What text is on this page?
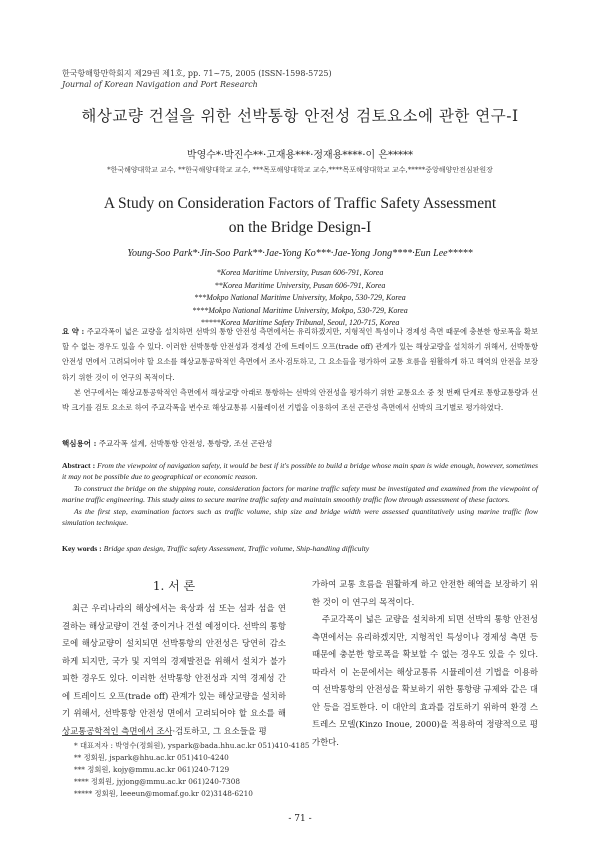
한국항해항만학회지 제29권 제1호, pp. 71~75, 2005 (ISSN-1598-5725)
Journal of Korean Navigation and Port Research
해상교량 건설을 위한 선박통항 안전성 검토요소에 관한 연구-I
박영수*·박진수**·고재용***·정재용****·이 은*****
*한국해양대학교 교수, **한국해양대학교 교수, ***목포해양대학교 교수,****목포해양대학교 교수,*****중앙해양안전심판원장
A Study on Consideration Factors of Traffic Safety Assessment
on the Bridge Design-I
Young-Soo Park*·Jin-Soo Park**·Jae-Yong Ko***·Jae-Yong Jong****·Eun Lee*****
*Korea Maritime University, Pusan 606-791, Korea
**Korea Maritime University, Pusan 606-791, Korea
***Mokpo National Maritime University, Mokpo, 530-729, Korea
****Mokpo National Maritime University, Mokpo, 530-729, Korea
*****Korea Maritime Safety Tribunal, Seoul, 120-715, Korea

요 약 : 주교각폭이 넓은 교량을 설치하면 선박의 통항 안전성 측면에서는 유리하겠지만, 지형적인 특성이나 경제성 측면 때문에 충분한 항로폭을 확보할 수 없는 경우도 있을 수 있다. 이러한 선박통항 안전성과 경제성 간에 트레이드 오프(trade off) 관계가 있는 해상교량을 설치하기 위해서, 선박통항 안전성 면에서 고려되어야 할 요소를 해상교통공학적인 측면에서 조사·검토하고, 그 요소들을 평가하여 교통 흐름을 원활하게 하고 해역의 안전을 보장하기 위한 것이 이 연구의 목적이다.

본 연구에서는 해상교통공학적인 측면에서 해상교량 아래로 통항하는 선박의 안전성을 평가하기 위한 교통요소 중 첫 번째 단계로 통항교통량과 선박 크기를 검토 요소로 하여 주교각폭을 변수로 해상교통류 시뮬레이션 기법을 이용하여 조선 곤란성 측면에서 선박의 크기별로 평가하였다.

핵심용어 : 주교각폭 설계, 선박통항 안전성, 통항량, 조선 곤란성

Abstract : From the viewpoint of navigation safety, it would be best if it's possible to build a bridge whose main span is wide enough, however, sometimes it may not be possible due to geographical or economic reason.

To construct the bridge on the shipping route, consideration factors for marine traffic safety must be investigated and examined from the viewpoint of marine traffic engineering. This study aims to secure marine traffic safety and maintain smoothly traffic flow through assessment of these factors.

As the first step, examination factors such as traffic volume, ship size and bridge width were assessed quantitatively using marine traffic flow simulation technique.

Key words : Bridge span design, Traffic safety Assessment, Traffic volume, Ship-handling difficulty
1. 서 론

최근 우리나라의 해상에서는 육상과 섬 또는 섬과 섬을 연결하는 해상교량이 건설 중이거나 건설 예정이다. 선박의 통항로에 해상교량이 설치되면 선박통항의 안전성은 당연히 감소하게 되지만, 국가 및 지역의 경제발전을 위해서 설치가 불가피한 경우도 있다. 이러한 선박통항 안전성과 지역 경제성 간에 트레이드 오프(trade off) 관계가 있는 해상교량을 설치하기 위해서, 선박통항 안전성 면에서 고려되어야 할 요소를 해상교통공학적인 측면에서 조사·검토하고, 그 요소들을 평

가하여 교통 흐름을 원활하게 하고 안전한 해역을 보장하기 위한 것이 이 연구의 목적이다.

주교각폭이 넓은 교량을 설치하게 되면 선박의 통항 안전성 측면에서는 유리하겠지만, 지형적인 특성이나 경제성 측면 등 때문에 충분한 항로폭을 확보할 수 없는 경우도 있을 수 있다. 따라서 이 논문에서는 해상교통류 시뮬레이션 기법을 이용하여 선박통항의 안전성을 확보하기 위한 통항량 규제와 같은 대안 등을 검토한다. 이 대안의 효과를 검토하기 위하여 환경 스트레스 모델(Kinzo Inoue, 2000)을 적용하여 정량적으로 평가한다.

* 대표저자 : 박영수(정회원), yspark@bada.hhu.ac.kr 051)410-4185
** 정회원, jspark@hhu.ac.kr 051)410-4240
*** 정회원, kojy@mmu.ac.kr 061)240-7129
**** 정회원, jyjong@mmu.ac.kr 061)240-7308
***** 정회원, leeeun@momaf.go.kr 02)3148-6210
- 71 -
